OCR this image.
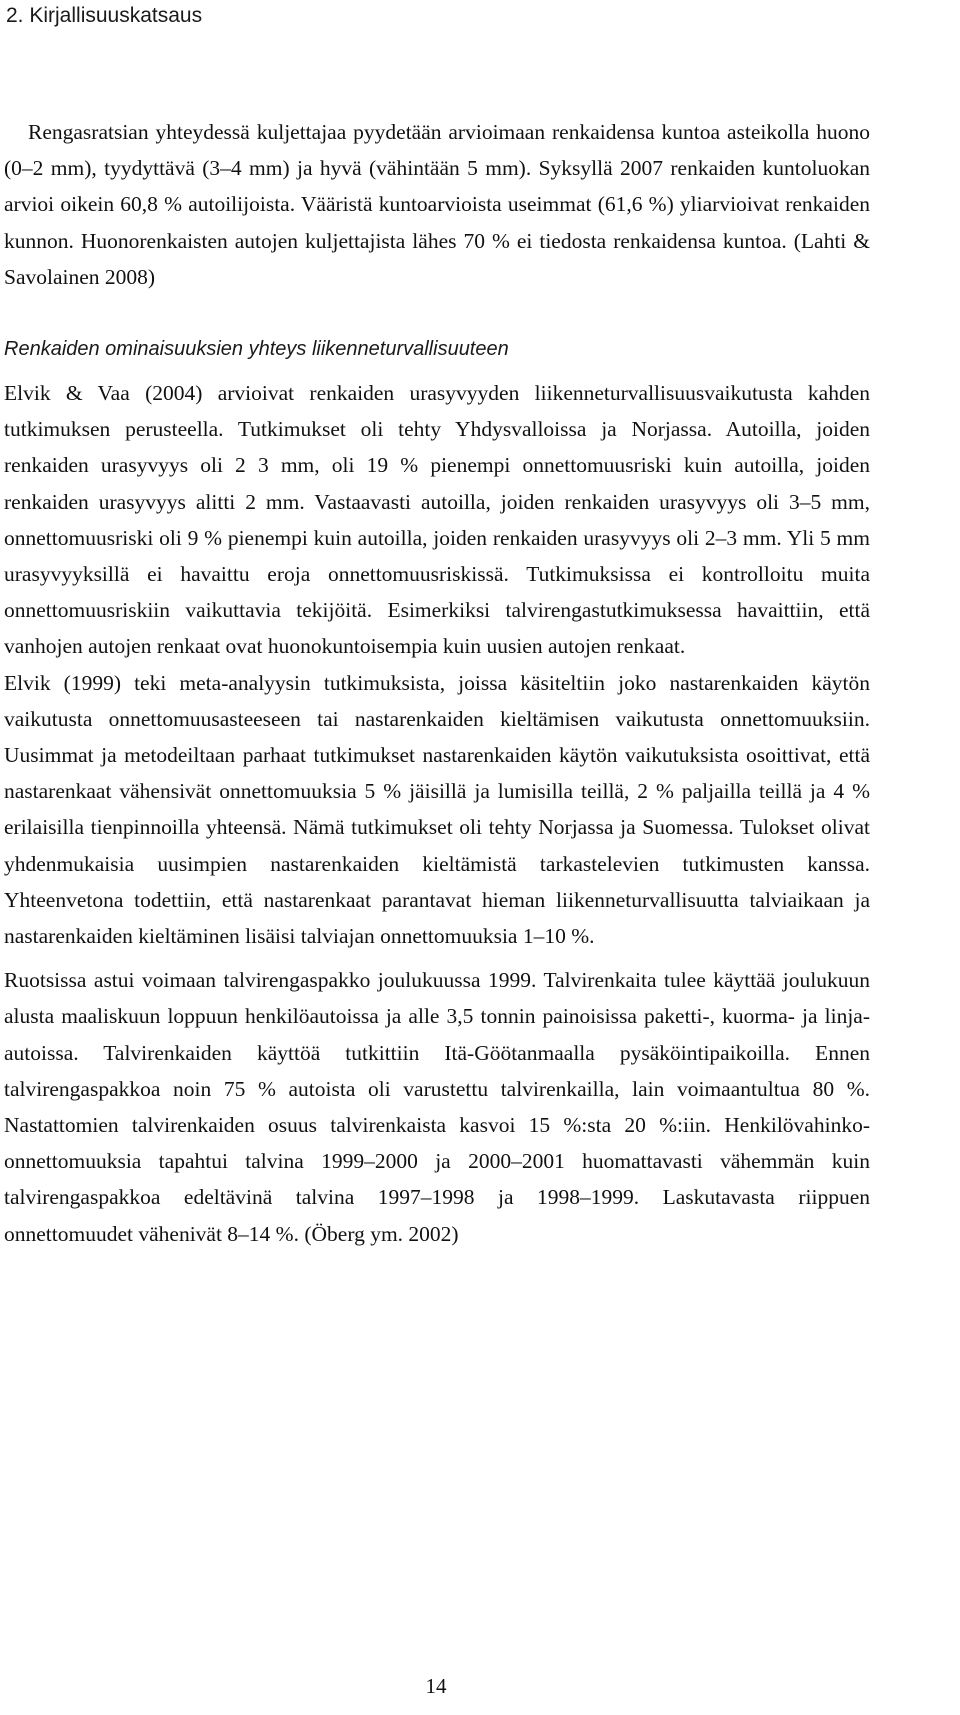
2. Kirjallisuuskatsaus

Rengasratsian yhteydessä kuljettajaa pyydetään arvioimaan renkaidensa kuntoa asteikolla huono (0–2 mm), tyydyttävä (3–4 mm) ja hyvä (vähintään 5 mm). Syksyllä 2007 renkaiden kuntoluokan arvioi oikein 60,8 % autoilijoista. Vääristä kuntoarvioista useimmat (61,6 %) yliarvioivat renkaiden kunnon. Huonorenkaisten autojen kuljettajista lähes 70 % ei tiedosta renkaidensa kuntoa. (Lahti & Savolainen 2008)

Renkaiden ominaisuuksien yhteys liikenneturvallisuuteen

Elvik & Vaa (2004) arvioivat renkaiden urasyvyyden liikenneturvallisuusvaikutusta kahden tutkimuksen perusteella. Tutkimukset oli tehty Yhdysvalloissa ja Norjassa. Autoilla, joiden renkaiden urasyvyys oli 2 3 mm, oli 19 % pienempi onnettomuusriski kuin autoilla, joiden renkaiden urasyvyys alitti 2 mm. Vastaavasti autoilla, joiden renkaiden urasyvyys oli 3–5 mm, onnettomuusriski oli 9 % pienempi kuin autoilla, joiden renkaiden urasyvyys oli 2–3 mm. Yli 5 mm urasyvyyksillä ei havaittu eroja onnettomuusriskissä. Tutkimuksissa ei kontrolloitu muita onnettomuusriskiin vaikuttavia tekijöitä. Esimerkiksi talvirengastutkimuksessa havaittiin, että vanhojen autojen renkaat ovat huonokuntoisempia kuin uusien autojen renkaat.

Elvik (1999) teki meta-analyysin tutkimuksista, joissa käsiteltiin joko nastarenkaiden käytön vaikutusta onnettomuusasteeseen tai nastarenkaiden kieltämisen vaikutusta onnettomuuksiin. Uusimmat ja metodeiltaan parhaat tutkimukset nastarenkaiden käytön vaikutuksista osoittivat, että nastarenkaat vähensivät onnettomuuksia 5 % jäisillä ja lumisilla teillä, 2 % paljailla teillä ja 4 % erilaisilla tienpinnoilla yhteensä. Nämä tutkimukset oli tehty Norjassa ja Suomessa. Tulokset olivat yhdenmukaisia uusimpien nastarenkaiden kieltämistä tarkastelevien tutkimusten kanssa. Yhteenvetona todettiin, että nastarenkaat parantavat hieman liikenneturvallisuutta talviaikaan ja nastarenkaiden kieltäminen lisäisi talviajan onnettomuuksia 1–10 %.

Ruotsissa astui voimaan talvirengaspakko joulukuussa 1999. Talvirenkaita tulee käyttää joulukuun alusta maaliskuun loppuun henkilöautoissa ja alle 3,5 tonnin painoisissa paketti-, kuorma- ja linja-autoissa. Talvirenkaiden käyttöä tutkittiin Itä-Göötanmaalla pysäköintipaikoilla. Ennen talvirengaspakkoa noin 75 % autoista oli varustettu talvirenkailla, lain voimaantultua 80 %. Nastattomien talvirenkaiden osuus talvirenkaista kasvoi 15 %:sta 20 %:iin. Henkilövahinkoonnettomuuksia tapahtui talvina 1999–2000 ja 2000–2001 huomattavasti vähemmän kuin talvirengaspakkoa edeltävinä talvina 1997–1998 ja 1998–1999. Laskutavasta riippuen onnettomuudet vähenivät 8–14 %. (Öberg ym. 2002)

14
